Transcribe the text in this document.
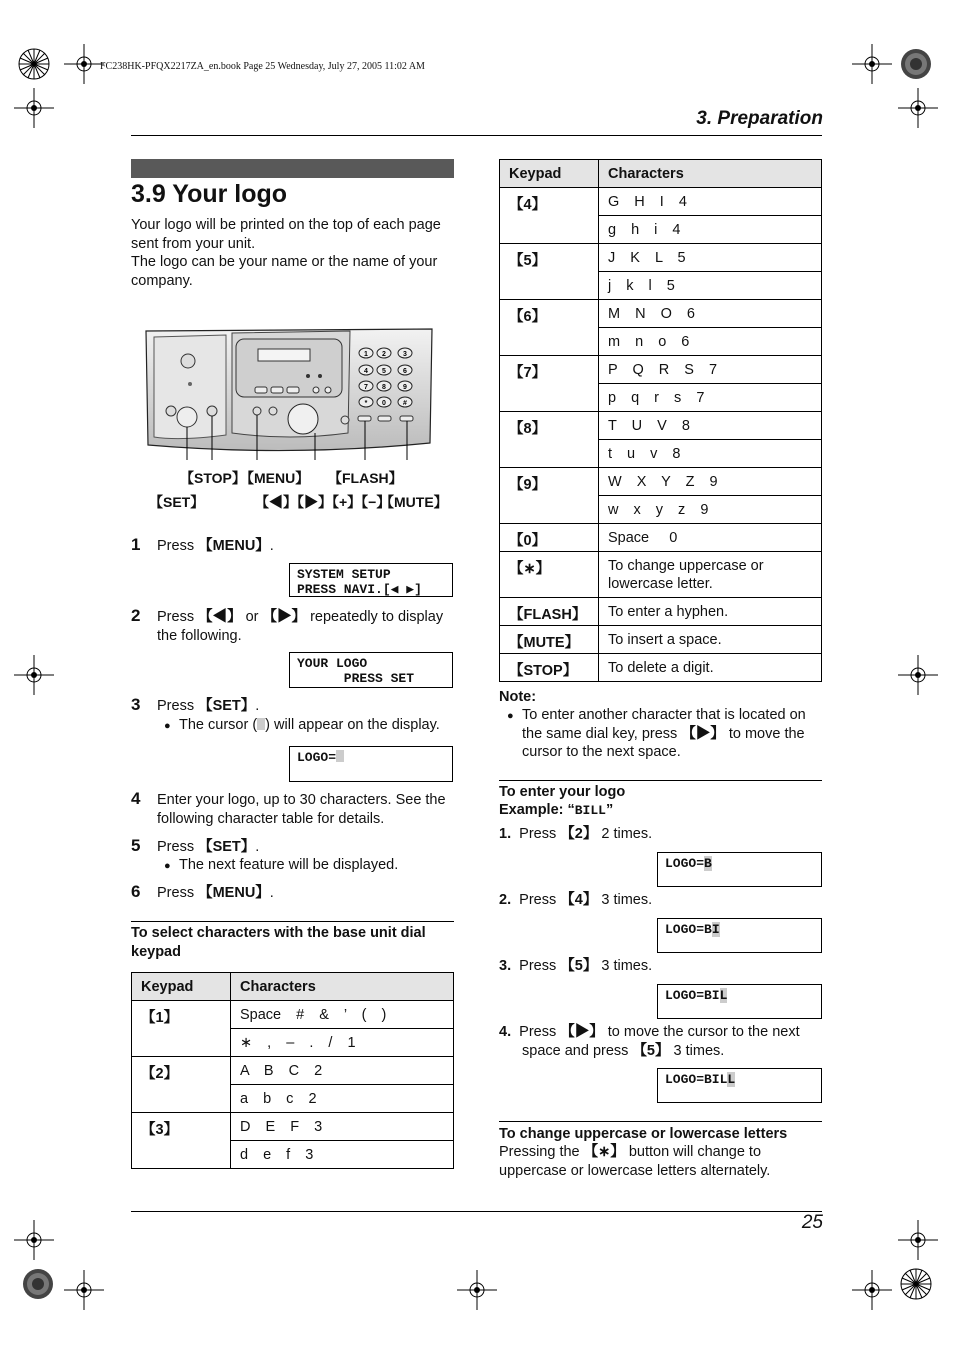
FC238HK-PFQX2217ZA_en.book Page 25 Wednesday, July 27, 2005 11:02 AM
3. Preparation
3.9 Your logo
Your logo will be printed on the top of each page sent from your unit.
The logo can be your name or the name of your company.
1 2 3
4 5 6
7 8 9
* 0 #
【STOP】
【MENU】 【FLASH】
【SET】	【◀】【▶】【+】【−】
【MUTE】
1 Press 【MENU】.
SYSTEM SETUP
PRESS NAVI.[◀ ▶]
2 Press 【◀】 or 【▶】 repeatedly to display the following.
YOUR LOGO
PRESS SET
3 Press 【SET】.
● The cursor ( ) will appear on the display.
LOGO=
4 Enter your logo, up to 30 characters. See the following character table for details.
5 Press 【SET】.
● The next feature will be displayed.
6 Press 【MENU】.
To select characters with the base unit dial keypad
Keypad	Characters
【1】	Space # & ’ ( )
	∗ , – . / 1
【2】	A B C 2
	a b c 2
【3】	D E F 3
	d e f 3
Keypad	Characters
【4】	G H I 4
	g h i 4
【5】	J K L 5
	j k l 5
【6】	M N O 6
	m n o 6
【7】	P Q R S 7
	p q r s 7
【8】	T U V 8
	t u v 8
【9】	W X Y Z 9
	w x y z 9
【0】	Space     0
【∗】	To change uppercase or lowercase letter.
【FLASH】	To enter a hyphen.
【MUTE】	To insert a space.
【STOP】	To delete a digit.
Note:
● To enter another character that is located on the same dial key, press 【▶】 to move the cursor to the next space.
To enter your logo
Example: “BILL”
1. Press 【2】 2 times.
LOGO=B
2. Press 【4】 3 times.
LOGO=BI
3. Press 【5】 3 times.
LOGO=BIL
4. Press 【▶】 to move the cursor to the next space and press 【5】 3 times.
LOGO=BILL
To change uppercase or lowercase letters
Pressing the 【∗】 button will change to uppercase or lowercase letters alternately.
25
